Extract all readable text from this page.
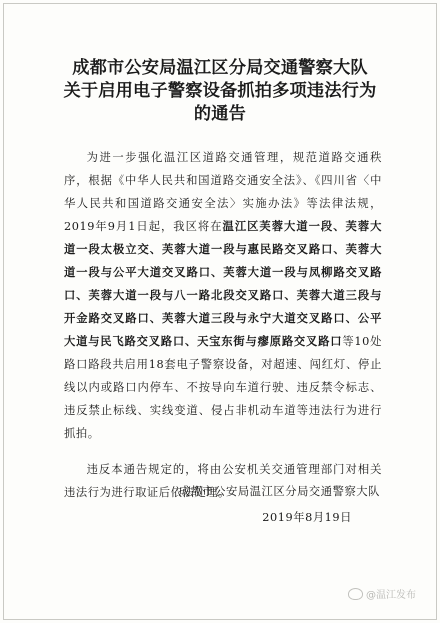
成都市公安局温江区分局交通警察大队
关于启用电子警察设备抓拍多项违法行为
的通告

为进一步强化温江区道路交通管理，规范道路交通秩序，根据《中华人民共和国道路交通安全法》、《四川省〈中华人民共和国道路交通安全法〉实施办法》等法律法规，2019年9月1日起，我区将在温江区芙蓉大道一段、芙蓉大道一段太极立交、芙蓉大道一段与惠民路交叉路口、芙蓉大道一段与公平大道交叉路口、芙蓉大道一段与凤柳路交叉路口、芙蓉大道一段与八一路北段交叉路口、芙蓉大道三段与开金路交叉路口、芙蓉大道三段与永宁大道交叉路口、公平大道与民飞路交叉路口、天宝东街与瘳原路交叉路口等10处路口路段共启用18套电子警察设备，对超速、闯红灯、停止线以内或路口内停车、不按导向车道行驶、违反禁令标志、违反禁止标线、实线变道、侵占非机动车道等违法行为进行抓拍。

违反本通告规定的，将由公安机关交通管理部门对相关违法行为进行取证后依法处理。

成都市公安局温江区分局交通警察大队
2019年8月19日
@温江发布
